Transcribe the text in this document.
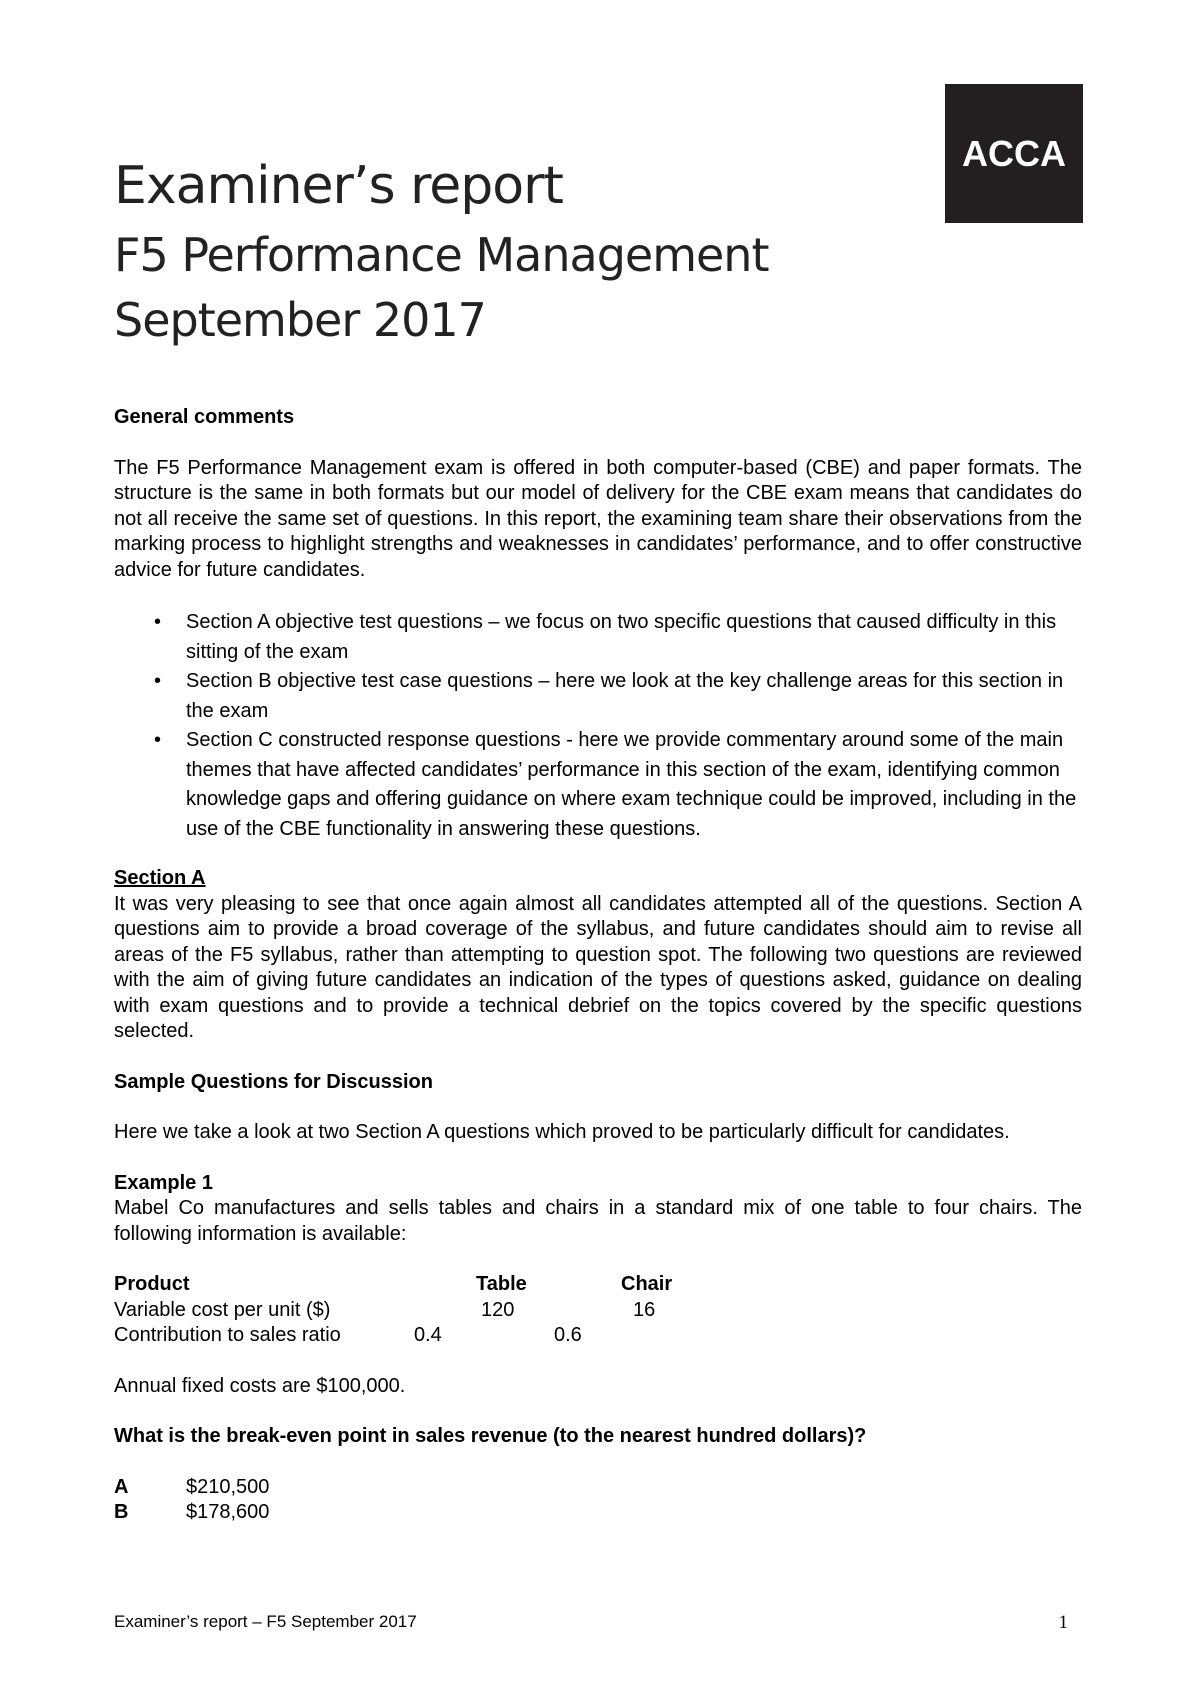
ACCA
Examiner’s report
F5 Performance Management
September 2017
General comments
The F5 Performance Management exam is offered in both computer-based (CBE) and paper formats. The structure is the same in both formats but our model of delivery for the CBE exam means that candidates do not all receive the same set of questions. In this report, the examining team share their observations from the marking process to highlight strengths and weaknesses in candidates’ performance, and to offer constructive advice for future candidates.
• Section A objective test questions – we focus on two specific questions that caused difficulty in this sitting of the exam
• Section B objective test case questions – here we look at the key challenge areas for this section in the exam
• Section C constructed response questions - here we provide commentary around some of the main themes that have affected candidates’ performance in this section of the exam, identifying common knowledge gaps and offering guidance on where exam technique could be improved, including in the use of the CBE functionality in answering these questions.
Section A
It was very pleasing to see that once again almost all candidates attempted all of the questions. Section A questions aim to provide a broad coverage of the syllabus, and future candidates should aim to revise all areas of the F5 syllabus, rather than attempting to question spot. The following two questions are reviewed with the aim of giving future candidates an indication of the types of questions asked, guidance on dealing with exam questions and to provide a technical debrief on the topics covered by the specific questions selected.
Sample Questions for Discussion
Here we take a look at two Section A questions which proved to be particularly difficult for candidates.
Example 1
Mabel Co manufactures and sells tables and chairs in a standard mix of one table to four chairs. The following information is available:
Product	Table	Chair
Variable cost per unit ($)	120	16
Contribution to sales ratio 0.4 0.6		
Annual fixed costs are $100,000.
What is the break-even point in sales revenue (to the nearest hundred dollars)?
A	$210,500
B	$178,600
Examiner’s report – F5 September 2017	1
